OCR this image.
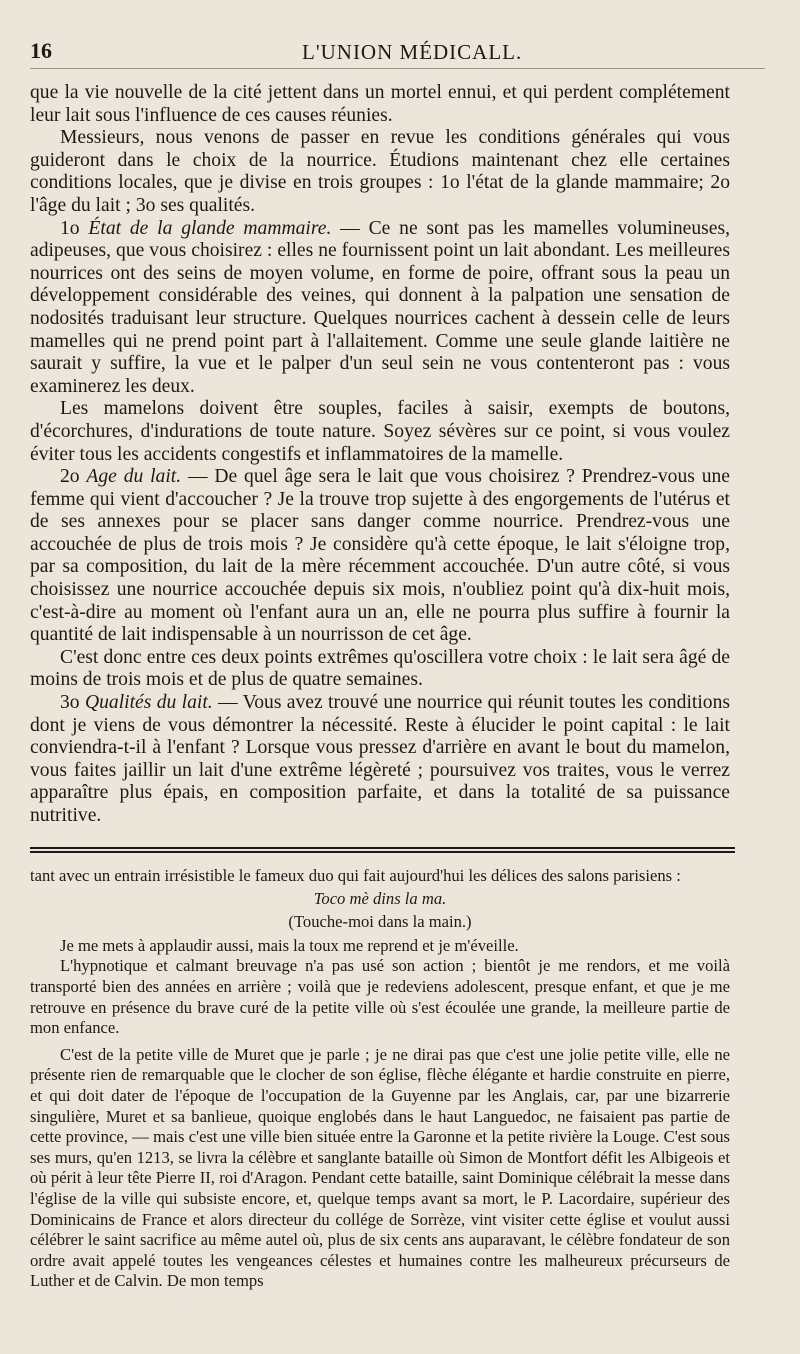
16	L'UNION MÉDICALL.

que la vie nouvelle de la cité jettent dans un mortel ennui, et qui perdent complétement leur lait sous l'influence de ces causes réunies.

Messieurs, nous venons de passer en revue les conditions générales qui vous guideront dans le choix de la nourrice. Étudions maintenant chez elle certaines conditions locales, que je divise en trois groupes : 1o l'état de la glande mammaire; 2o l'âge du lait ; 3o ses qualités.

1o État de la glande mammaire. — Ce ne sont pas les mamelles volumineuses, adipeuses, que vous choisirez : elles ne fournissent point un lait abondant. Les meilleures nourrices ont des seins de moyen volume, en forme de poire, offrant sous la peau un développement considérable des veines, qui donnent à la palpation une sensation de nodosités traduisant leur structure. Quelques nourrices cachent à dessein celle de leurs mamelles qui ne prend point part à l'allaitement. Comme une seule glande laitière ne saurait y suffire, la vue et le palper d'un seul sein ne vous contenteront pas : vous examinerez les deux.

Les mamelons doivent être souples, faciles à saisir, exempts de boutons, d'écorchures, d'indurations de toute nature. Soyez sévères sur ce point, si vous voulez éviter tous les accidents congestifs et inflammatoires de la mamelle.

2o Age du lait. — De quel âge sera le lait que vous choisirez ? Prendrez-vous une femme qui vient d'accoucher ? Je la trouve trop sujette à des engorgements de l'utérus et de ses annexes pour se placer sans danger comme nourrice. Prendrez-vous une accouchée de plus de trois mois ? Je considère qu'à cette époque, le lait s'éloigne trop, par sa composition, du lait de la mère récemment accouchée. D'un autre côté, si vous choisissez une nourrice accouchée depuis six mois, n'oubliez point qu'à dix-huit mois, c'est-à-dire au moment où l'enfant aura un an, elle ne pourra plus suffire à fournir la quantité de lait indispensable à un nourrisson de cet âge.

C'est donc entre ces deux points extrêmes qu'oscillera votre choix : le lait sera âgé de moins de trois mois et de plus de quatre semaines.

3o Qualités du lait. — Vous avez trouvé une nourrice qui réunit toutes les conditions dont je viens de vous démontrer la nécessité. Reste à élucider le point capital : le lait conviendra-t-il à l'enfant ? Lorsque vous pressez d'arrière en avant le bout du mamelon, vous faites jaillir un lait d'une extrême légèreté ; poursuivez vos traites, vous le verrez apparaître plus épais, en composition parfaite, et dans la totalité de sa puissance nutritive.

tant avec un entrain irrésistible le fameux duo qui fait aujourd'hui les délices des salons parisiens :

Toco mè dins la ma.

(Touche-moi dans la main.)

Je me mets à applaudir aussi, mais la toux me reprend et je m'éveille.

L'hypnotique et calmant breuvage n'a pas usé son action ; bientôt je me rendors, et me voilà transporté bien des années en arrière ; voilà que je redeviens adolescent, presque enfant, et que je me retrouve en présence du brave curé de la petite ville où s'est écoulée une grande, la meilleure partie de mon enfance.

C'est de la petite ville de Muret que je parle ; je ne dirai pas que c'est une jolie petite ville, elle ne présente rien de remarquable que le clocher de son église, flèche élégante et hardie construite en pierre, et qui doit dater de l'époque de l'occupation de la Guyenne par les Anglais, car, par une bizarrerie singulière, Muret et sa banlieue, quoique englobés dans le haut Languedoc, ne faisaient pas partie de cette province, — mais c'est une ville bien située entre la Garonne et la petite rivière la Louge. C'est sous ses murs, qu'en 1213, se livra la célèbre et sanglante bataille où Simon de Montfort défit les Albigeois et où périt à leur tête Pierre II, roi d'Aragon. Pendant cette bataille, saint Dominique célébrait la messe dans l'église de la ville qui subsiste encore, et, quelque temps avant sa mort, le P. Lacordaire, supérieur des Dominicains de France et alors directeur du collége de Sorrèze, vint visiter cette église et voulut aussi célébrer le saint sacrifice au même autel où, plus de six cents ans auparavant, le célèbre fondateur de son ordre avait appelé toutes les vengeances célestes et humaines contre les malheureux précurseurs de Luther et de Calvin. De mon temps
